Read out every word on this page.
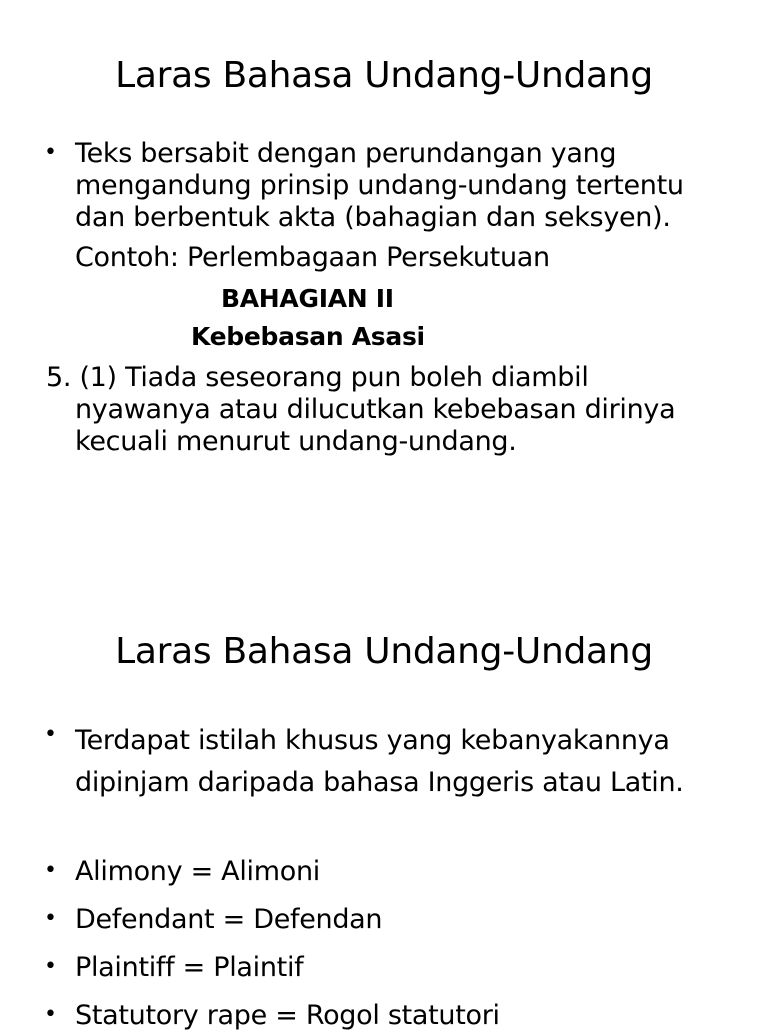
Laras Bahasa Undang-Undang
• Teks bersabit dengan perundangan yang
mengandung prinsip undang-undang tertentu
dan berbentuk akta (bahagian dan seksyen).
Contoh: Perlembagaan Persekutuan
BAHAGIAN II
Kebebasan Asasi
5. (1) Tiada seseorang pun boleh diambil
nyawanya atau dilucutkan kebebasan dirinya
kecuali menurut undang-undang.
Laras Bahasa Undang-Undang
• Terdapat istilah khusus yang kebanyakannya
dipinjam daripada bahasa Inggeris atau Latin.
• Alimony = Alimoni
• Defendant = Defendan
• Plaintiff = Plaintif
• Statutory rape = Rogol statutori
